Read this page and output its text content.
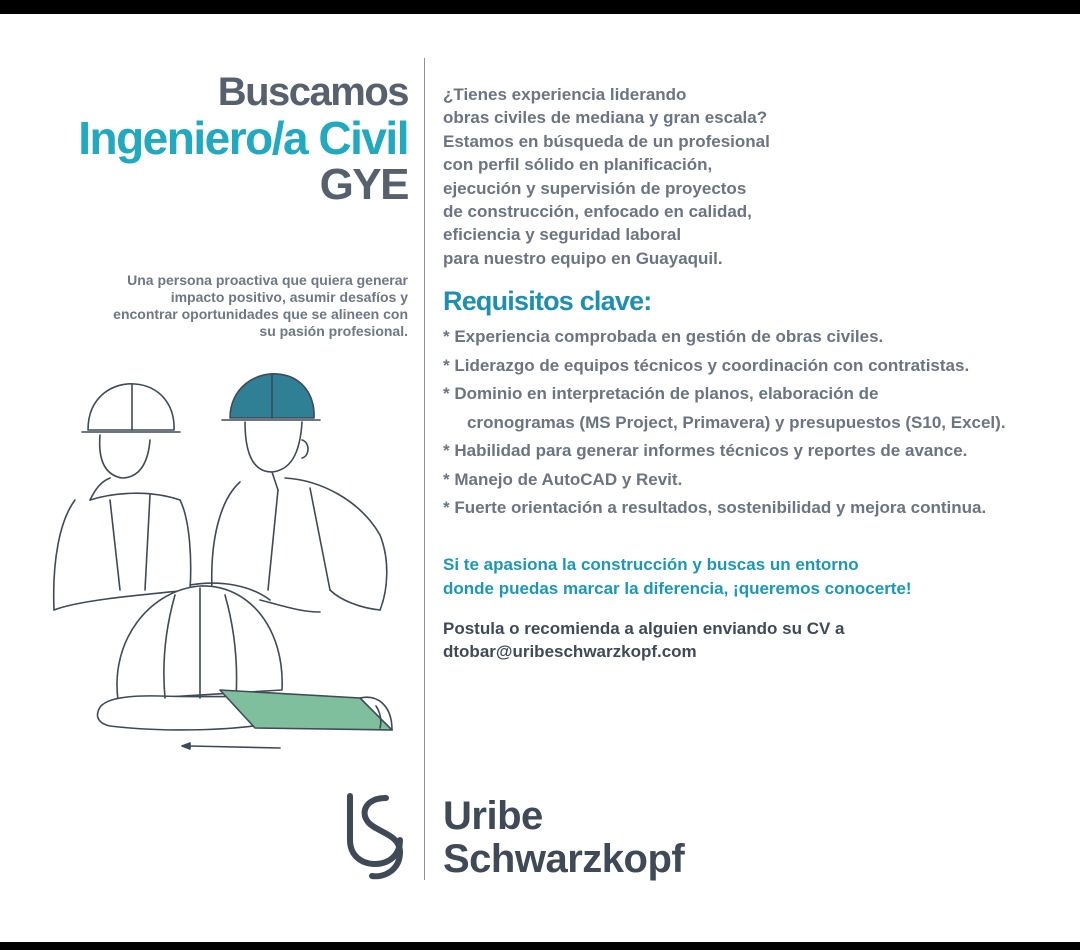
Buscamos
Ingeniero/a Civil
GYE
Una persona proactiva que quiera generar impacto positivo, asumir desafíos y encontrar oportunidades que se alineen con su pasión profesional.
¿Tienes experiencia liderando
obras civiles de mediana y gran escala?
Estamos en búsqueda de un profesional
con perfil sólido en planificación,
ejecución y supervisión de proyectos
de construcción, enfocado en calidad,
eficiencia y seguridad laboral
para nuestro equipo en Guayaquil.
Requisitos clave:
* Experiencia comprobada en gestión de obras civiles.
* Liderazgo de equipos técnicos y coordinación con contratistas.
* Dominio en interpretación de planos, elaboración de
cronogramas (MS Project, Primavera) y presupuestos (S10, Excel).
* Habilidad para generar informes técnicos y reportes de avance.
* Manejo de AutoCAD y Revit.
* Fuerte orientación a resultados, sostenibilidad y mejora continua.
Si te apasiona la construcción y buscas un entorno
donde puedas marcar la diferencia, ¡queremos conocerte!
Postula o recomienda a alguien enviando su CV a
dtobar@uribeschwarzkopf.com
Uribe
Schwarzkopf
